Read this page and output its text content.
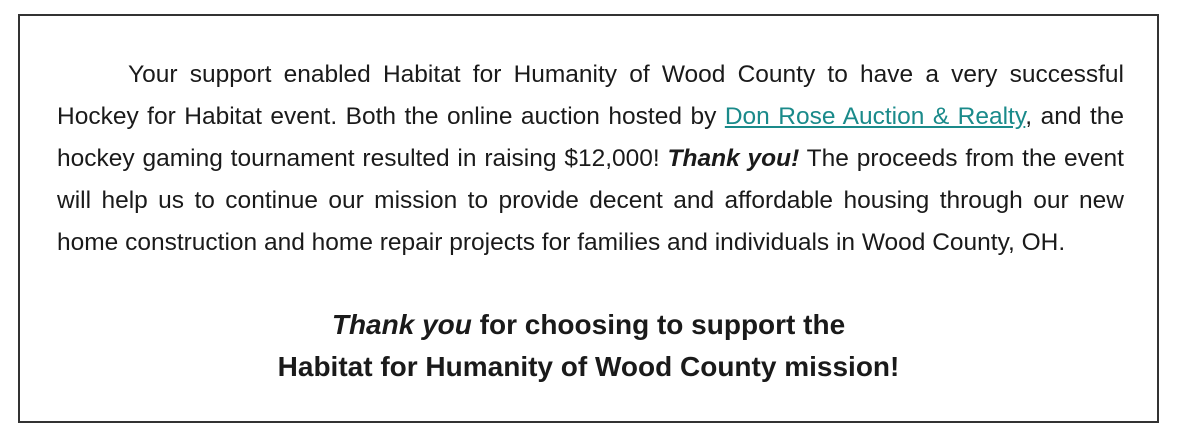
Your support enabled Habitat for Humanity of Wood County to have a very successful Hockey for Habitat event. Both the online auction hosted by Don Rose Auction & Realty, and the hockey gaming tournament resulted in raising $12,000! Thank you! The proceeds from the event will help us to continue our mission to provide decent and affordable housing through our new home construction and home repair projects for families and individuals in Wood County, OH.

Thank you for choosing to support the
Habitat for Humanity of Wood County mission!
